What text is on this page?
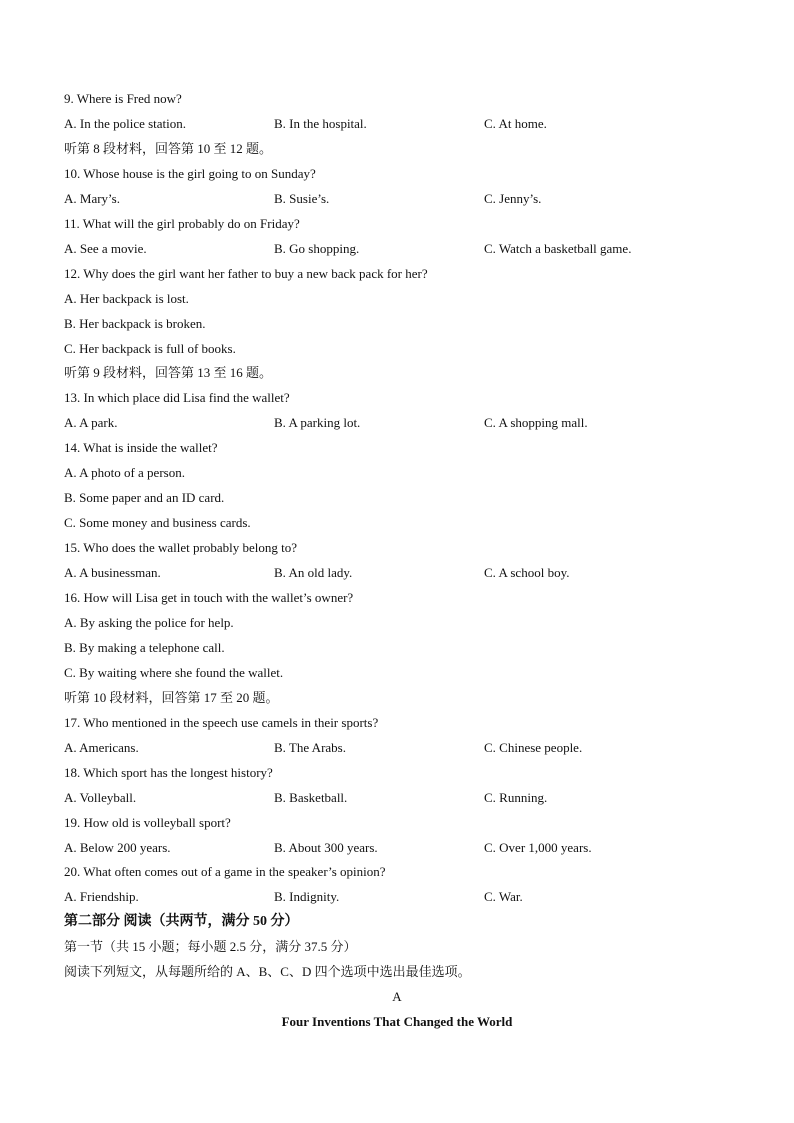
9. Where is Fred now?
A. In the police station.	B. In the hospital.	C. At home.
听第 8 段材料，回答第 10 至 12 题。
10. Whose house is the girl going to on Sunday?
A. Mary’s.	B. Susie’s.	C. Jenny’s.
11. What will the girl probably do on Friday?
A. See a movie.	B. Go shopping.	C. Watch a basketball game.
12. Why does the girl want her father to buy a new back pack for her?
A. Her backpack is lost.
B. Her backpack is broken.
C. Her backpack is full of books.
听第 9 段材料，回答第 13 至 16 题。
13. In which place did Lisa find the wallet?
A. A park.	B. A parking lot.	C. A shopping mall.
14. What is inside the wallet?
A. A photo of a person.
B. Some paper and an ID card.
C. Some money and business cards.
15. Who does the wallet probably belong to?
A. A businessman.	B. An old lady.	C. A school boy.
16. How will Lisa get in touch with the wallet’s owner?
A. By asking the police for help.
B. By making a telephone call.
C. By waiting where she found the wallet.
听第 10 段材料，回答第 17 至 20 题。
17. Who mentioned in the speech use camels in their sports?
A. Americans.	B. The Arabs.	C. Chinese people.
18. Which sport has the longest history?
A. Volleyball.	B. Basketball.	C. Running.
19. How old is volleyball sport?
A. Below 200 years.	B. About 300 years.	C. Over 1,000 years.
20. What often comes out of a game in the speaker’s opinion?
A. Friendship.	B. Indignity.	C. War.
第二部分 阅读（共两节，满分 50 分）
第一节（共 15 小题；每小题 2.5 分，满分 37.5 分）
阅读下列短文，从每题所给的 A、B、C、D 四个选项中选出最佳选项。
A
Four Inventions That Changed the World
